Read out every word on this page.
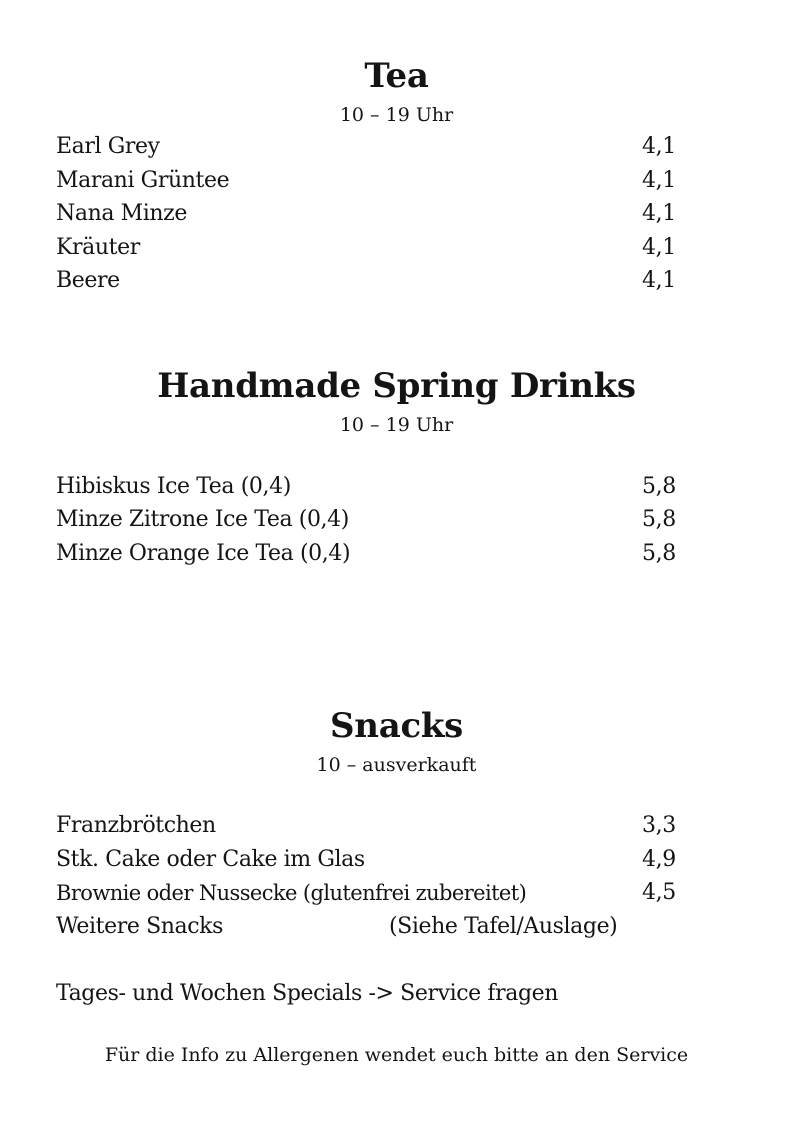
Tea
10 – 19 Uhr
Earl Grey	4,1
Marani Grüntee	4,1
Nana Minze	4,1
Kräuter	4,1
Beere	4,1
Handmade Spring Drinks
10 – 19 Uhr
Hibiskus Ice Tea (0,4)	5,8
Minze Zitrone Ice Tea (0,4)	5,8
Minze Orange Ice Tea (0,4)	5,8
Snacks
10 – ausverkauft
Franzbrötchen	3,3
Stk. Cake oder Cake im Glas	4,9
Brownie oder Nussecke (glutenfrei zubereitet)	4,5
Weitere Snacks	(Siehe Tafel/Auslage)
Tages- und Wochen Specials -> Service fragen
Für die Info zu Allergenen wendet euch bitte an den Service
